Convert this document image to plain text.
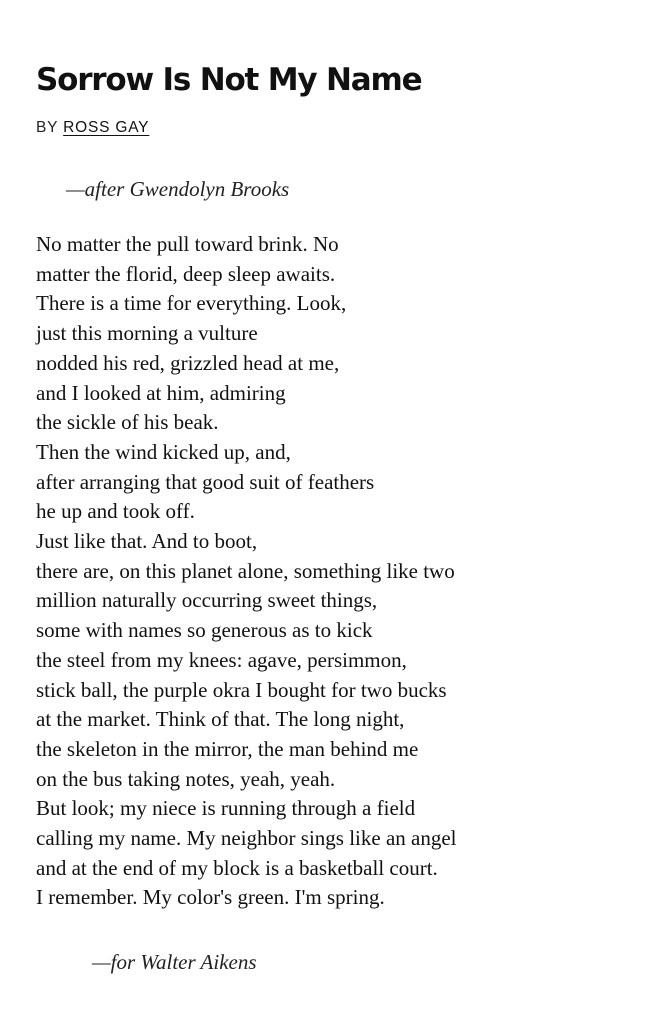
Sorrow Is Not My Name
BY ROSS GAY
—after Gwendolyn Brooks
No matter the pull toward brink. No
matter the florid, deep sleep awaits.
There is a time for everything. Look,
just this morning a vulture
nodded his red, grizzled head at me,
and I looked at him, admiring
the sickle of his beak.
Then the wind kicked up, and,
after arranging that good suit of feathers
he up and took off.
Just like that. And to boot,
there are, on this planet alone, something like two
million naturally occurring sweet things,
some with names so generous as to kick
the steel from my knees: agave, persimmon,
stick ball, the purple okra I bought for two bucks
at the market. Think of that. The long night,
the skeleton in the mirror, the man behind me
on the bus taking notes, yeah, yeah.
But look; my niece is running through a field
calling my name. My neighbor sings like an angel
and at the end of my block is a basketball court.
I remember. My color's green. I'm spring.
—for Walter Aikens
